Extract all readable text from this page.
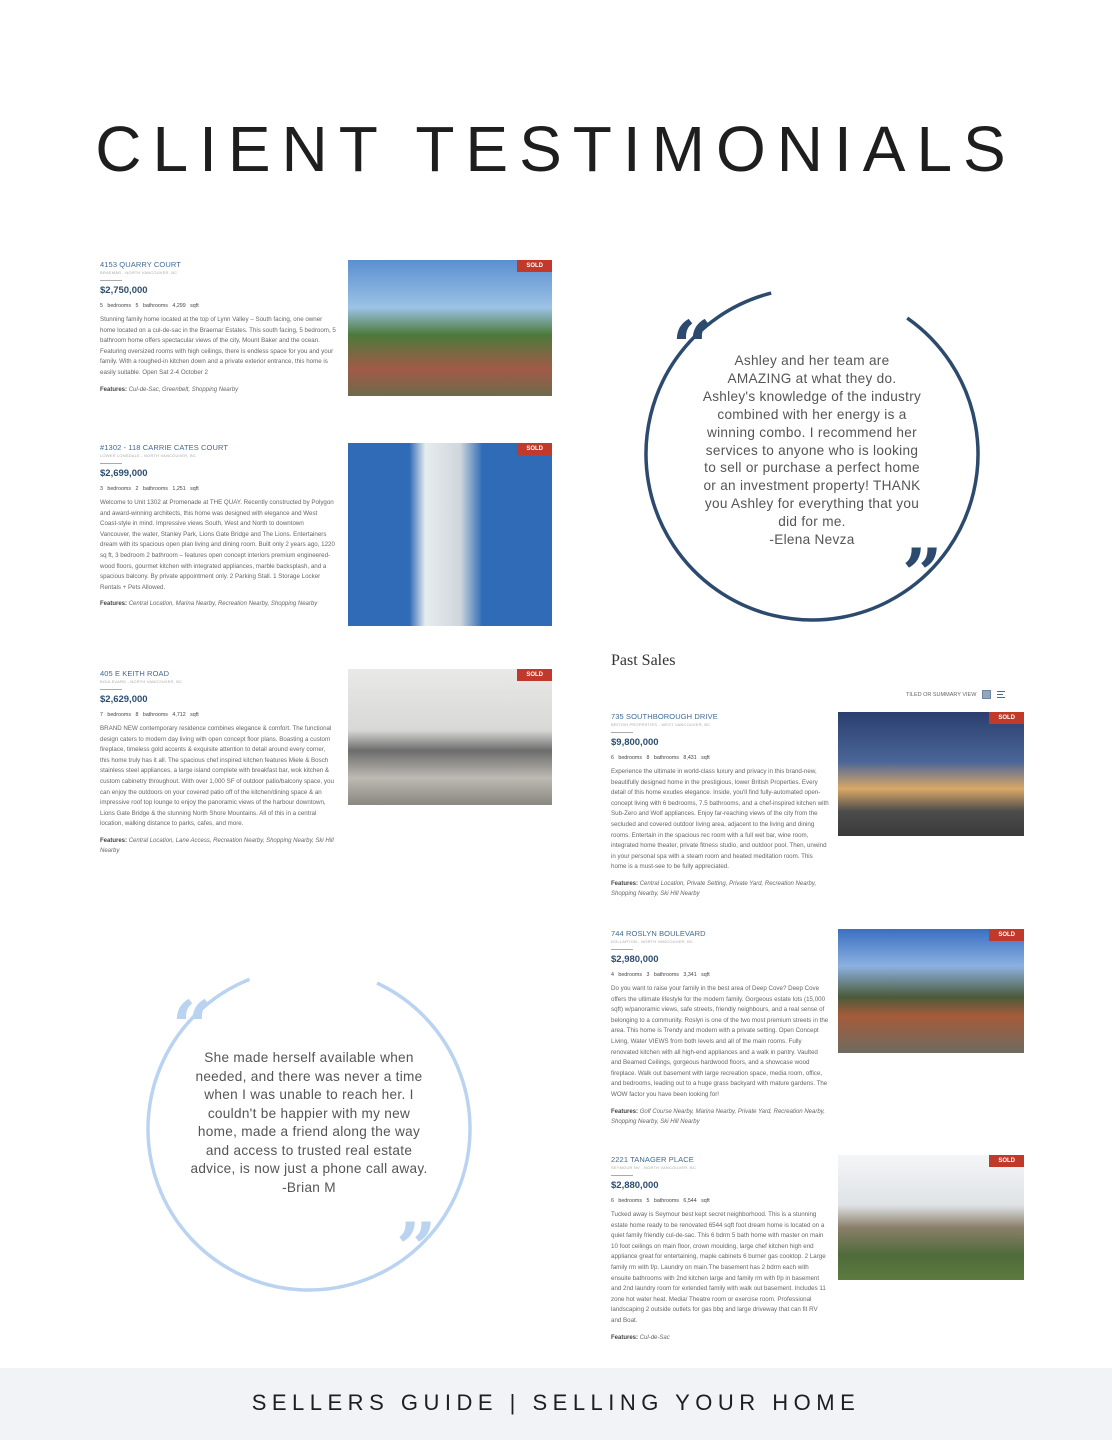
CLIENT TESTIMONIALS
4153 QUARRY COURT
BRAEMAR - NORTH VANCOUVER, BC
$2,750,000
5 bedrooms 5 bathrooms 4,299 sqft
Stunning family home located at the top of Lynn Valley – South facing, one owner home located on a cul-de-sac in the Braemar Estates. This south facing, 5 bedroom, 5 bathroom home offers spectacular views of the city, Mount Baker and the ocean. Featuring oversized rooms with high ceilings, there is endless space for you and your family. With a roughed-in kitchen down and a private exterior entrance, this home is easily suitable. Open Sat 2-4 October 2
Features: Cul-de-Sac, Greenbelt, Shopping Nearby
SOLD
#1302 - 118 CARRIE CATES COURT
LOWER LONSDALE - NORTH VANCOUVER, BC
$2,699,000
3 bedrooms 2 bathrooms 1,251 sqft
Welcome to Unit 1302 at Promenade at THE QUAY. Recently constructed by Polygon and award-winning architects, this home was designed with elegance and West Coast-style in mind. Impressive views South, West and North to downtown Vancouver, the water, Stanley Park, Lions Gate Bridge and The Lions. Entertainers dream with its spacious open plan living and dining room. Built only 2 years ago, 1220 sq ft, 3 bedroom 2 bathroom – features open concept interiors premium engineered-wood floors, gourmet kitchen with integrated appliances, marble backsplash, and a spacious balcony. By private appointment only. 2 Parking Stall. 1 Storage Locker Rentals + Pets Allowed.
Features: Central Location, Marina Nearby, Recreation Nearby, Shopping Nearby
SOLD
405 E KEITH ROAD
BOULEVARD - NORTH VANCOUVER, BC
$2,629,000
7 bedrooms 8 bathrooms 4,712 sqft
BRAND NEW contemporary residence combines elegance & comfort. The functional design caters to modern day living with open concept floor plans. Boasting a custom fireplace, timeless gold accents & exquisite attention to detail around every corner, this home truly has it all. The spacious chef inspired kitchen features Miele & Bosch stainless steel appliances, a large island complete with breakfast bar, wok kitchen & custom cabinetry throughout. With over 1,000 SF of outdoor patio/balcony space, you can enjoy the outdoors on your covered patio off of the kitchen/dining space & an impressive roof top lounge to enjoy the panoramic views of the harbour downtown, Lions Gate Bridge & the stunning North Shore Mountains. All of this in a central location, walking distance to parks, cafes, and more.
Features: Central Location, Lane Access, Recreation Nearby, Shopping Nearby, Ski Hill Nearby
SOLD
735 SOUTHBOROUGH DRIVE
BRITISH PROPERTIES - WEST VANCOUVER, BC
$9,800,000
6 bedrooms 8 bathrooms 8,431 sqft
Experience the ultimate in world-class luxury and privacy in this brand-new, beautifully designed home in the prestigious, lower British Properties. Every detail of this home exudes elegance. Inside, you'll find fully-automated open-concept living with 6 bedrooms, 7.5 bathrooms, and a chef-inspired kitchen with Sub-Zero and Wolf appliances. Enjoy far-reaching views of the city from the secluded and covered outdoor living area, adjacent to the living and dining rooms. Entertain in the spacious rec room with a full wet bar, wine room, integrated home theater, private fitness studio, and outdoor pool. Then, unwind in your personal spa with a steam room and heated meditation room. This home is a must-see to be fully appreciated.
Features: Central Location, Private Setting, Private Yard, Recreation Nearby, Shopping Nearby, Ski Hill Nearby
SOLD
744 ROSLYN BOULEVARD
DOLLARTON - NORTH VANCOUVER, BC
$2,980,000
4 bedrooms 3 bathrooms 3,341 sqft
Do you want to raise your family in the best area of Deep Cove? Deep Cove offers the ultimate lifestyle for the modern family. Gorgeous estate lots (15,000 sqft) w/panoramic views, safe streets, friendly neighbours, and a real sense of belonging to a community. Roslyn is one of the two most premium streets in the area. This home is Trendy and modern with a private setting. Open Concept Living, Water VIEWS from both levels and all of the main rooms. Fully renovated kitchen with all high-end appliances and a walk in pantry. Vaulted and Beamed Ceilings, gorgeous hardwood floors, and a showcase wood fireplace. Walk out basement with large recreation space, media room, office, and bedrooms, leading out to a huge grass backyard with mature gardens. The WOW factor you have been looking for!
Features: Golf Course Nearby, Marina Nearby, Private Yard, Recreation Nearby, Shopping Nearby, Ski Hill Nearby
SOLD
2221 TANAGER PLACE
SEYMOUR NV - NORTH VANCOUVER, BC
$2,880,000
6 bedrooms 5 bathrooms 6,544 sqft
Tucked away is Seymour best kept secret neighborhood. This is a stunning estate home ready to be renovated 6544 sqft foot dream home is located on a quiet family friendly cul-de-sac. This 6 bdrm 5 bath home with master on main 10 foot ceilings on main floor, crown moulding, large chef kitchen high end appliance great for entertaining, maple cabinets 6 burner gas cooktop. 2 Large family rm with f/p. Laundry on main.The basement has 2 bdrm each with ensuite bathrooms with 2nd kitchen large and family rm with f/p in basement and 2nd laundry room for extended family with walk out basement. Includes 11 zone hot water heat. Media/ Theatre room or exercise room. Professional landscaping 2 outside outlets for gas bbq and large driveway that can fit RV and Boat.
Features: Cul-de-Sac
SOLD
“
”
Ashley and her team are AMAZING at what they do. Ashley's knowledge of the industry combined with her energy is a winning combo. I recommend her services to anyone who is looking to sell or purchase a perfect home or an investment property! THANK you Ashley for everything that you did for me.
-Elena Nevza
“
”
She made herself available when needed, and there was never a time when I was unable to reach her. I couldn't be happier with my new home, made a friend along the way and access to trusted real estate advice, is now just a phone call away.
-Brian M
Past Sales
TILED OR SUMMARY VIEW
SELLERS GUIDE | SELLING YOUR HOME
